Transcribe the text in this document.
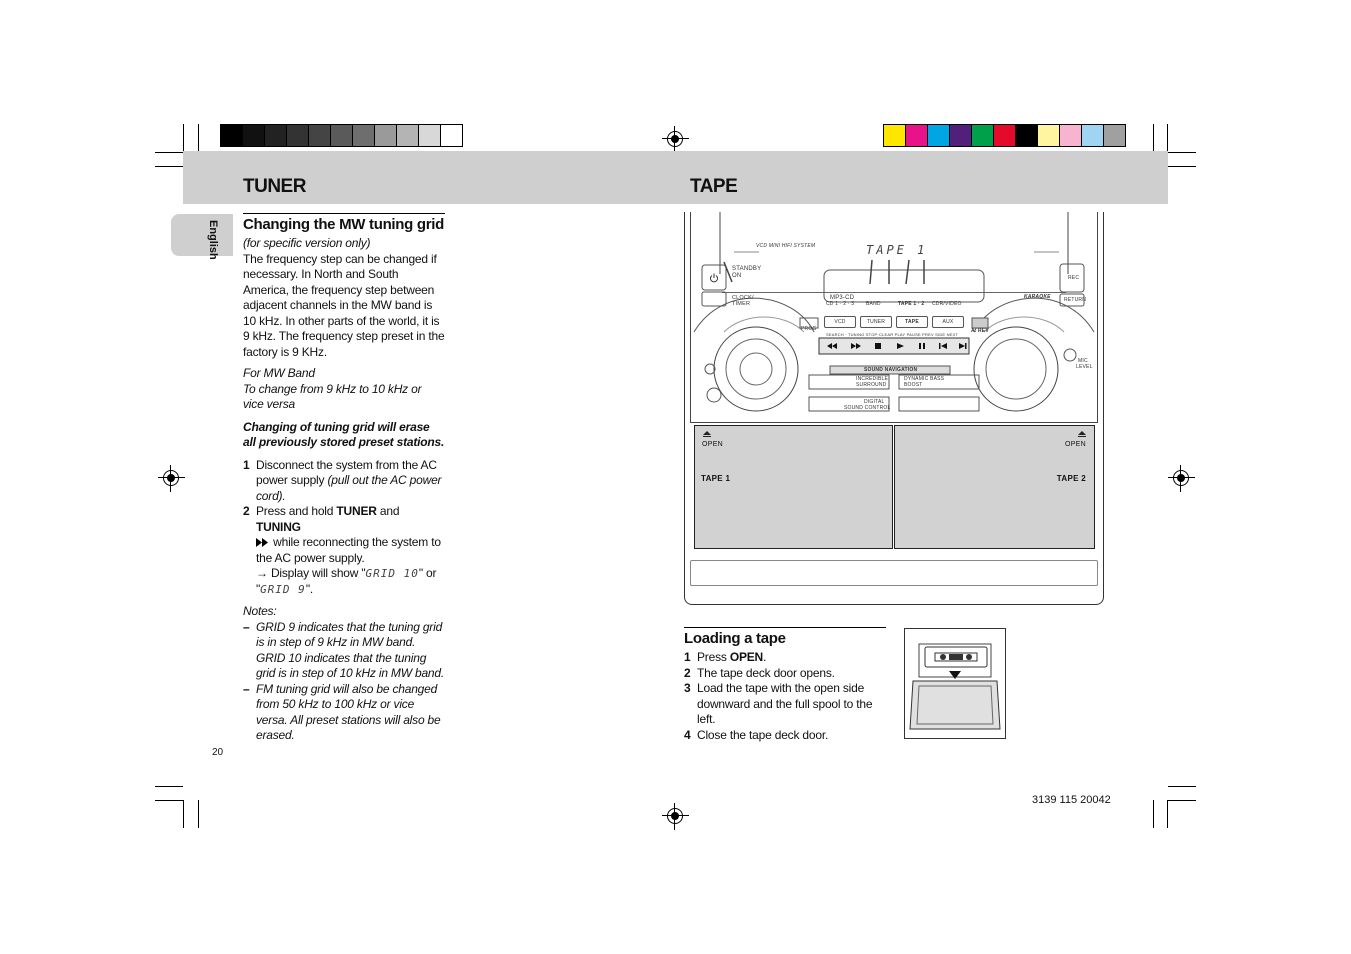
TUNER	TAPE
English Changing the MW tuning grid
(for specific version only)
The frequency step can be changed if necessary. In North and South America, the frequency step between adjacent channels in the MW band is 10 kHz. In other parts of the world, it is 9 kHz. The frequency step preset in the factory is 9 KHz.
For MW Band
To change from 9 kHz to 10 kHz or vice versa
Changing of tuning grid will erase all previously stored preset stations.
1 Disconnect the system from the AC power supply (pull out the AC power cord).
2 Press and hold TUNER and TUNING
while reconnecting the system to the AC power supply.
→ Display will show "GRID 10" or
"GRID 9".
Notes:
– GRID 9 indicates that the tuning grid is in step of 9 kHz in MW band. GRID 10 indicates that the tuning grid is in step of 10 kHz in MW band.
– FM tuning grid will also be changed from 50 kHz to 100 kHz or vice versa. All preset stations will also be erased.
20
VCD MINI HIFI SYSTEM	TAPE 1
STANDBY
ON
CLOCK/
TIMER
MP3-CD
CD 1 · 2 · 3 BAND	TAPE 1 · 2 CDR/VIDEO
KARAOKE
REC
RETURN
PROG
VCD	TUNER	TAPE	AUX
A. REV
SEARCH · TUNING STOP·CLEAR PLAY PAUSE PREV SIDE NEXT
SOUND NAVIGATION
INCREDIBLE
SURROUND
DYNAMIC BASS
BOOST
DIGITAL
SOUND CONTROL
MIC
LEVEL
OPEN
TAPE 1
OPEN
TAPE 2
Loading a tape
1 Press OPEN.
2 The tape deck door opens.
3 Load the tape with the open side downward and the full spool to the left.
4 Close the tape deck door.
3139 115 20042
